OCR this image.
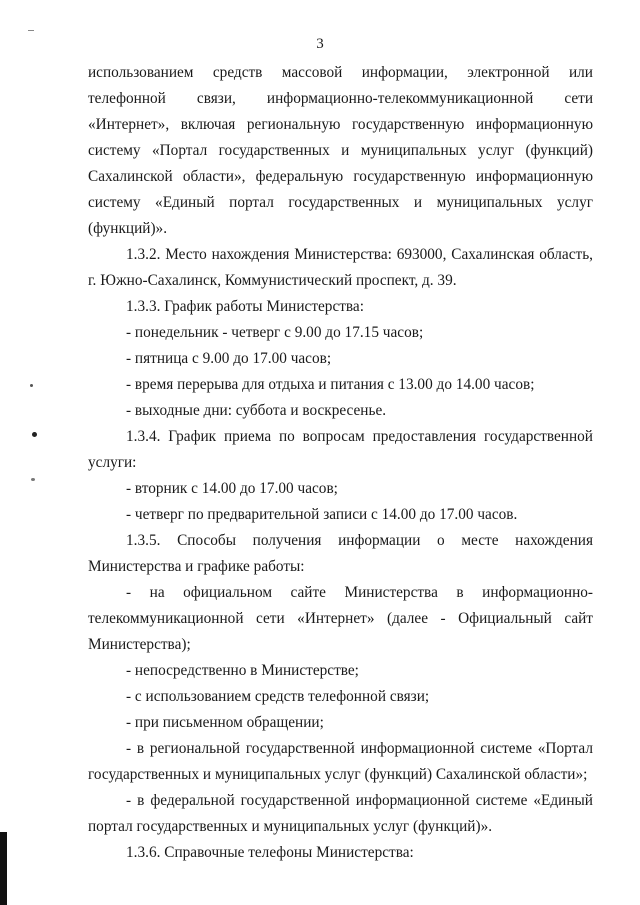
3

использованием средств массовой информации, электронной или телефонной связи, информационно-телекоммуникационной сети «Интернет», включая региональную государственную информационную систему «Портал государственных и муниципальных услуг (функций) Сахалинской области», федеральную государственную информационную систему «Единый портал государственных и муниципальных услуг (функций)».

1.3.2. Место нахождения Министерства: 693000, Сахалинская область, г. Южно-Сахалинск, Коммунистический проспект, д. 39.

1.3.3. График работы Министерства:

- понедельник - четверг с 9.00 до 17.15 часов;

- пятница с 9.00 до 17.00 часов;

- время перерыва для отдыха и питания с 13.00 до 14.00 часов;

- выходные дни: суббота и воскресенье.

1.3.4. График приема по вопросам предоставления государственной услуги:

- вторник с 14.00 до 17.00 часов;

- четверг по предварительной записи с 14.00 до 17.00 часов.

1.3.5. Способы получения информации о месте нахождения Министерства и графике работы:

- на официальном сайте Министерства в информационно-телекоммуникационной сети «Интернет» (далее - Официальный сайт Министерства);

- непосредственно в Министерстве;

- с использованием средств телефонной связи;

- при письменном обращении;

- в региональной государственной информационной системе «Портал государственных и муниципальных услуг (функций) Сахалинской области»;

- в федеральной государственной информационной системе «Единый портал государственных и муниципальных услуг (функций)».

1.3.6. Справочные телефоны Министерства:
